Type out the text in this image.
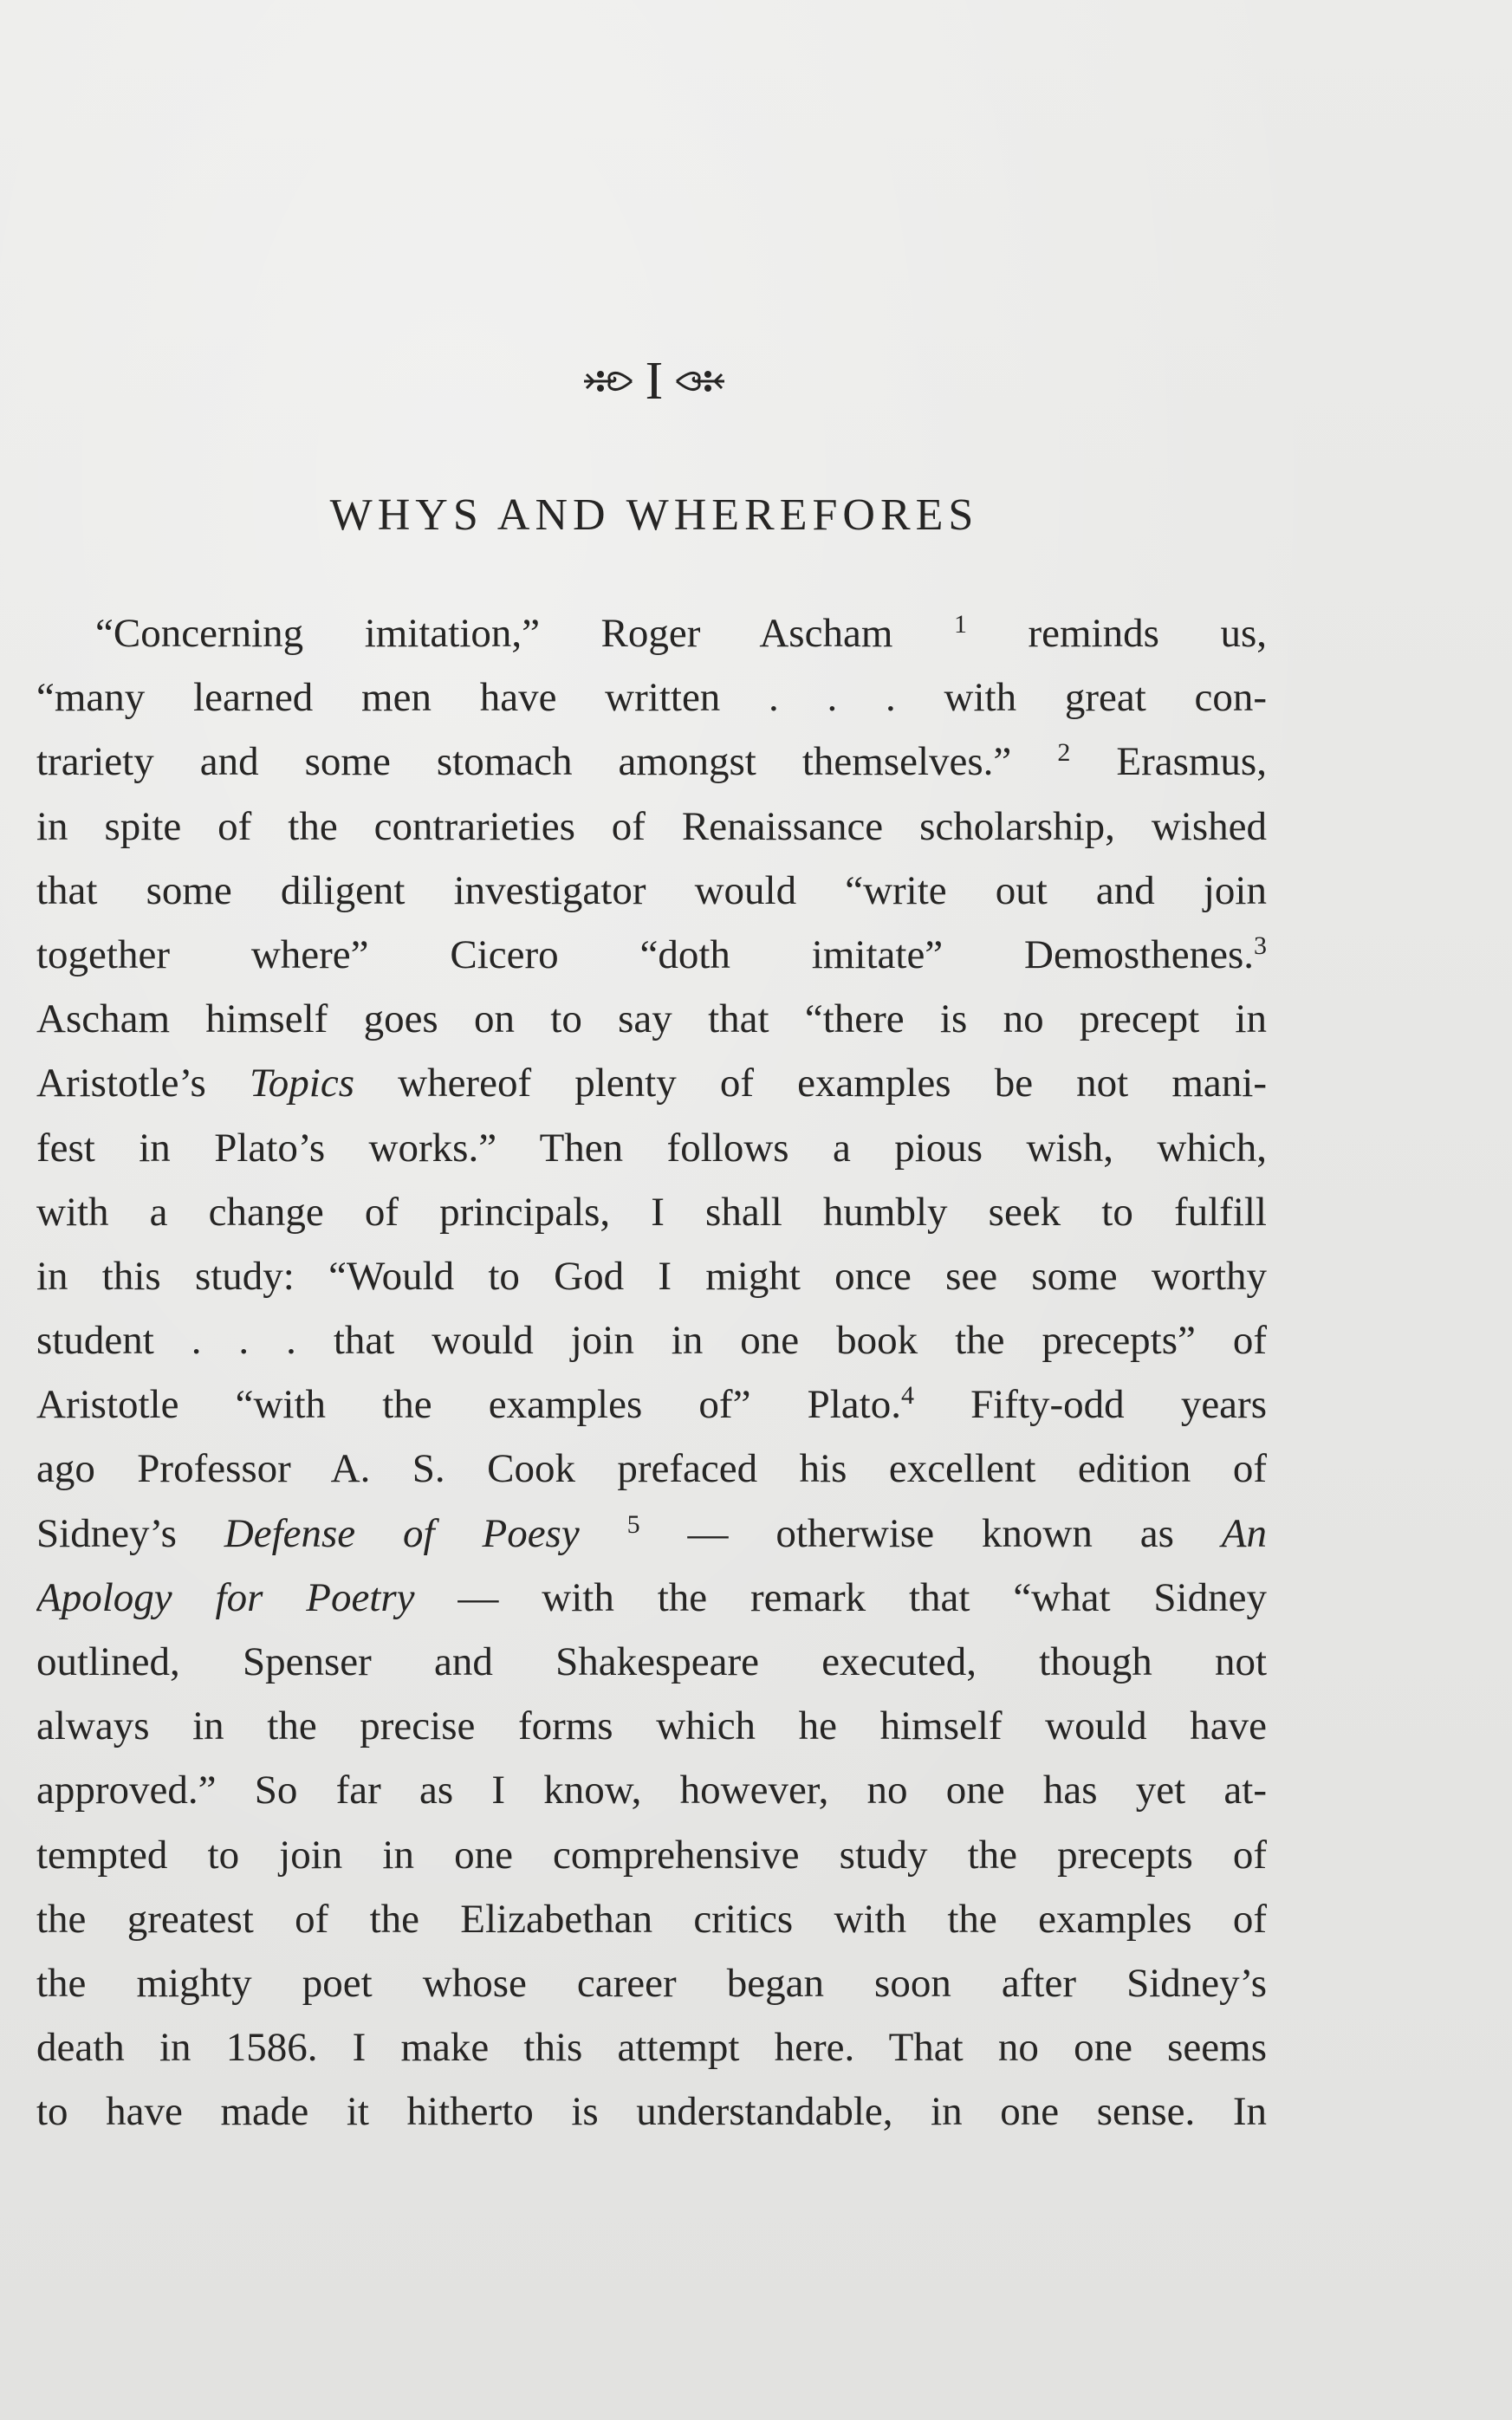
I
WHYS AND WHEREFORES
“Concerning imitation,” Roger Ascham $^1$ reminds us,
“many learned men have written . . . with great con-
trariety and some stomach amongst themselves.” $^2$ Erasmus,
in spite of the contrarieties of Renaissance scholarship, wished
that some diligent investigator would “write out and join
together where” Cicero “doth imitate” Demosthenes.$^3$
Ascham himself goes on to say that “there is no precept in
Aristotle’s Topics whereof plenty of examples be not mani-
fest in Plato’s works.” Then follows a pious wish, which,
with a change of principals, I shall humbly seek to fulfill
in this study: “Would to God I might once see some worthy
student . . . that would join in one book the precepts” of
Aristotle “with the examples of” Plato.$^4$ Fifty-odd years
ago Professor A. S. Cook prefaced his excellent edition of
Sidney’s Defense of Poesy $^5$ — otherwise known as An
Apology for Poetry — with the remark that “what Sidney
outlined, Spenser and Shakespeare executed, though not
always in the precise forms which he himself would have
approved.” So far as I know, however, no one has yet at-
tempted to join in one comprehensive study the precepts of
the greatest of the Elizabethan critics with the examples of
the mighty poet whose career began soon after Sidney’s
death in 1586. I make this attempt here. That no one seems
to have made it hitherto is understandable, in one sense. In
